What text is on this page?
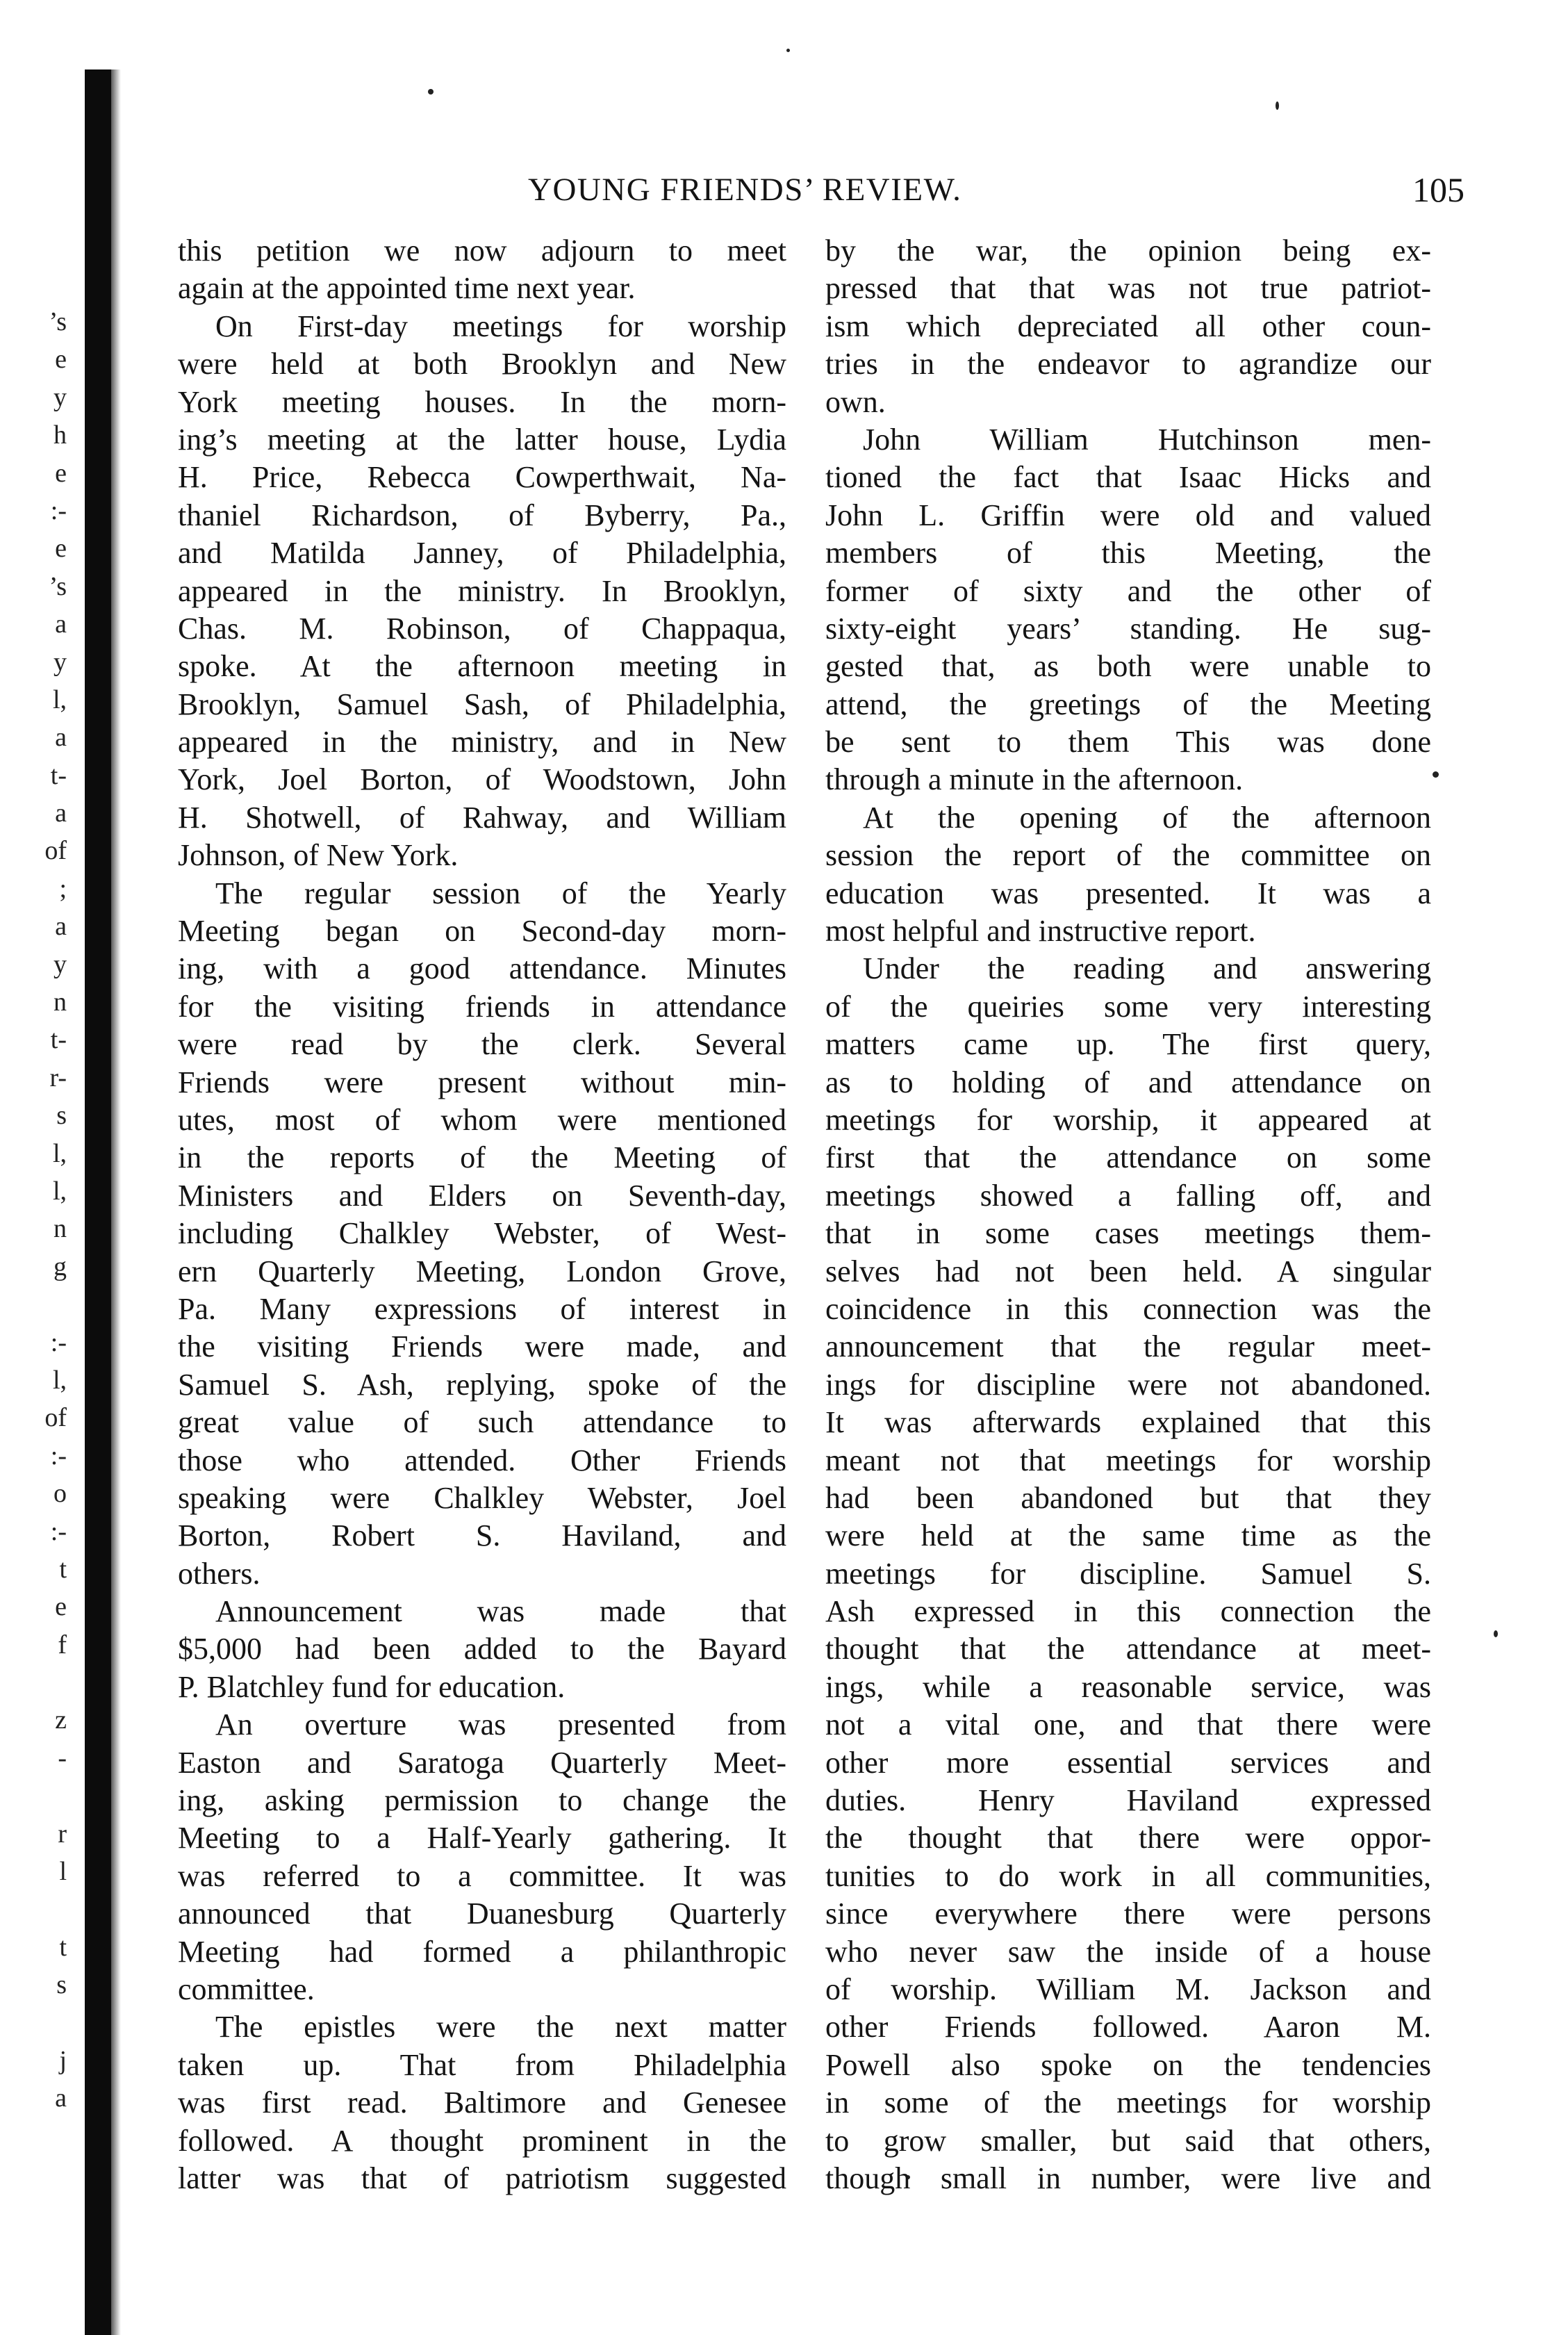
’s
e
y
h
e
:-
e
’s
a
y
l,
a
t-
a
of
;
a
y
n
t-
r-
s
l,
l,
n
g
:-
l,
of
:-
o
:-
t
e
f
z
-
r
l
t
s
j
a
YOUNG FRIENDS’ REVIEW.	105
this petition we now adjourn to meet
again at the appointed time next year.
On First-day meetings for worship
were held at both Brooklyn and New
York meeting houses. In the morn-
ing’s meeting at the latter house, Lydia
H. Price, Rebecca Cowperthwait, Na-
thaniel Richardson, of Byberry, Pa.,
and Matilda Janney, of Philadelphia,
appeared in the ministry. In Brooklyn,
Chas. M. Robinson, of Chappaqua,
spoke. At the afternoon meeting in
Brooklyn, Samuel Sash, of Philadelphia,
appeared in the ministry, and in New
York, Joel Borton, of Woodstown, John
H. Shotwell, of Rahway, and William
Johnson, of New York.
The regular session of the Yearly
Meeting began on Second-day morn-
ing, with a good attendance. Minutes
for the visiting friends in attendance
were read by the clerk. Several
Friends were present without min-
utes, most of whom were mentioned
in the reports of the Meeting of
Ministers and Elders on Seventh-day,
including Chalkley Webster, of West-
ern Quarterly Meeting, London Grove,
Pa. Many expressions of interest in
the visiting Friends were made, and
Samuel S. Ash, replying, spoke of the
great value of such attendance to
those who attended. Other Friends
speaking were Chalkley Webster, Joel
Borton, Robert S. Haviland, and
others.
Announcement was made that
$5,000 had been added to the Bayard
P. Blatchley fund for education.
An overture was presented from
Easton and Saratoga Quarterly Meet-
ing, asking permission to change the
Meeting to a Half-Yearly gathering. It
was referred to a committee. It was
announced that Duanesburg Quarterly
Meeting had formed a philanthropic
committee.
The epistles were the next matter
taken up. That from Philadelphia
was first read. Baltimore and Genesee
followed. A thought prominent in the
latter was that of patriotism suggested
by the war, the opinion being ex-
pressed that that was not true patriot-
ism which depreciated all other coun-
tries in the endeavor to agrandize our
own.
John William Hutchinson men-
tioned the fact that Isaac Hicks and
John L. Griffin were old and valued
members of this Meeting, the
former of sixty and the other of
sixty-eight years’ standing. He sug-
gested that, as both were unable to
attend, the greetings of the Meeting
be sent to them This was done
through a minute in the afternoon.
At the opening of the afternoon
session the report of the committee on
education was presented. It was a
most helpful and instructive report.
Under the reading and answering
of the queiries some very interesting
matters came up. The first query,
as to holding of and attendance on
meetings for worship, it appeared at
first that the attendance on some
meetings showed a falling off, and
that in some cases meetings them-
selves had not been held. A singular
coincidence in this connection was the
announcement that the regular meet-
ings for discipline were not abandoned.
It was afterwards explained that this
meant not that meetings for worship
had been abandoned but that they
were held at the same time as the
meetings for discipline. Samuel S.
Ash expressed in this connection the
thought that the attendance at meet-
ings, while a reasonable service, was
not a vital one, and that there were
other more essential services and
duties. Henry Haviland expressed
the thought that there were oppor-
tunities to do work in all communities,
since everywhere there were persons
who never saw the inside of a house
of worship. William M. Jackson and
other Friends followed. Aaron M.
Powell also spoke on the tendencies
in some of the meetings for worship
to grow smaller, but said that others,
though small in number, were live and
